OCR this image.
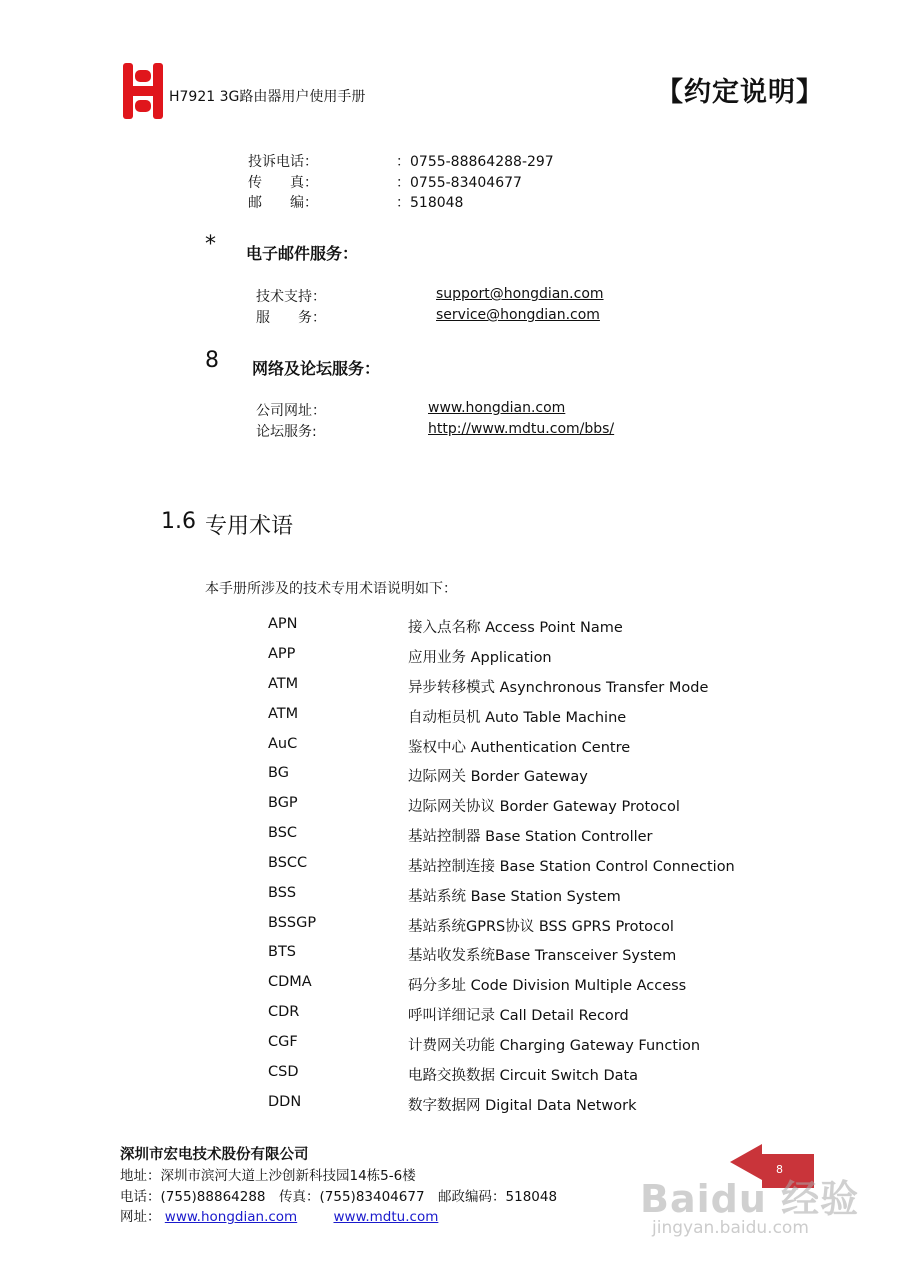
H7921 3G路由器用户使用手册	【约定说明】
投诉电话：	：0755-88864288-297
传　　真：	：0755-83404677
邮　　编：	：518048
* 电子邮件服务：
技术支持：	support@hongdian.com
服　　务：	service@hongdian.com
8 网络及论坛服务：
公司网址：	www.hongdian.com
论坛服务:	http://www.mdtu.com/bbs/
1.6 专用术语
本手册所涉及的技术专用术语说明如下：
APN	接入点名称 Access Point Name
APP	应用业务 Application
ATM	异步转移模式 Asynchronous Transfer Mode
ATM	自动柜员机 Auto Table Machine
AuC	鉴权中心 Authentication Centre
BG	边际网关 Border Gateway
BGP	边际网关协议 Border Gateway Protocol
BSC	基站控制器 Base Station Controller
BSCC	基站控制连接 Base Station Control Connection
BSS	基站系统 Base Station System
BSSGP	基站系统GPRS协议 BSS GPRS Protocol
BTS	基站收发系统Base Transceiver System
CDMA	码分多址 Code Division Multiple Access
CDR	呼叫详细记录 Call Detail Record
CGF	计费网关功能 Charging Gateway Function
CSD	电路交换数据 Circuit Switch Data
DDN	数字数据网 Digital Data Network
深圳市宏电技术股份有限公司
地址：深圳市滨河大道上沙创新科技园14栋5-6楼
电话：(755)88864288　传真：(755)83404677　邮政编码：518048
网址： www.hongdian.com	www.mdtu.com
8
Baidu 经验
jingyan.baidu.com
